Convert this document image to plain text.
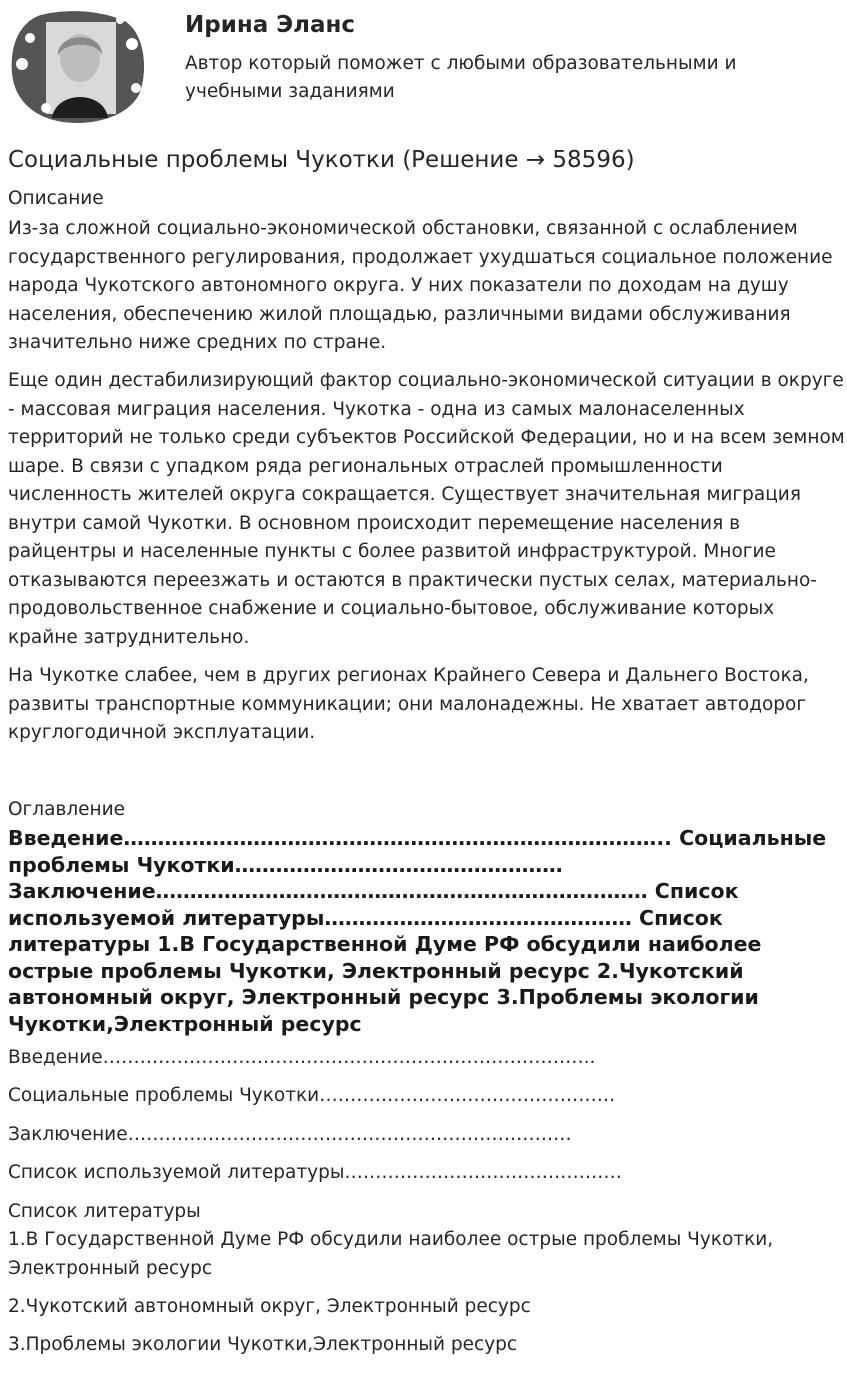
Ирина Эланс
Автор который поможет с любыми образовательными и учебными заданиями
Социальные проблемы Чукотки (Решение → 58596)
Описание
Из-за сложной социально-экономической обстановки, связанной с ослаблением государственного регулирования, продолжает ухудшаться социальное положение народа Чукотского автономного округа. У них показатели по доходам на душу населения, обеспечению жилой площадью, различными видами обслуживания значительно ниже средних по стране.
Еще один дестабилизирующий фактор социально-экономической ситуации в округе - массовая миграция населения. Чукотка - одна из самых малонаселенных территорий не только среди субъектов Российской Федерации, но и на всем земном шаре. В связи с упадком ряда региональных отраслей промышленности численность жителей округа сокращается. Существует значительная миграция внутри самой Чукотки. В основном происходит перемещение населения в райцентры и населенные пункты с более развитой инфраструктурой. Многие отказываются переезжать и остаются в практически пустых селах, материально-продовольственное снабжение и социально-бытовое, обслуживание которых крайне затруднительно.
На Чукотке слабее, чем в других регионах Крайнего Севера и Дальнего Востока, развиты транспортные коммуникации; они малонадежны. Не хватает автодорог круглогодичной эксплуатации.
Оглавление
Введение…………………………………………………………………….. Социальные проблемы Чукотки………………………………………… Заключение……………………………………………………………… Список используемой литературы……………………………………… Список литературы 1.В Государственной Думе РФ обсудили наиболее острые проблемы Чукотки, Электронный ресурс 2.Чукотский автономный округ, Электронный ресурс 3.Проблемы экологии Чукотки,Электронный ресурс
Введение……………………………………………………………………..
Социальные проблемы Чукотки…………………………………………
Заключение………………………………………………………………
Список используемой литературы………………………………………
Список литературы
1.В Государственной Думе РФ обсудили наиболее острые проблемы Чукотки, Электронный ресурс
2.Чукотский автономный округ, Электронный ресурс
3.Проблемы экологии Чукотки,Электронный ресурс
